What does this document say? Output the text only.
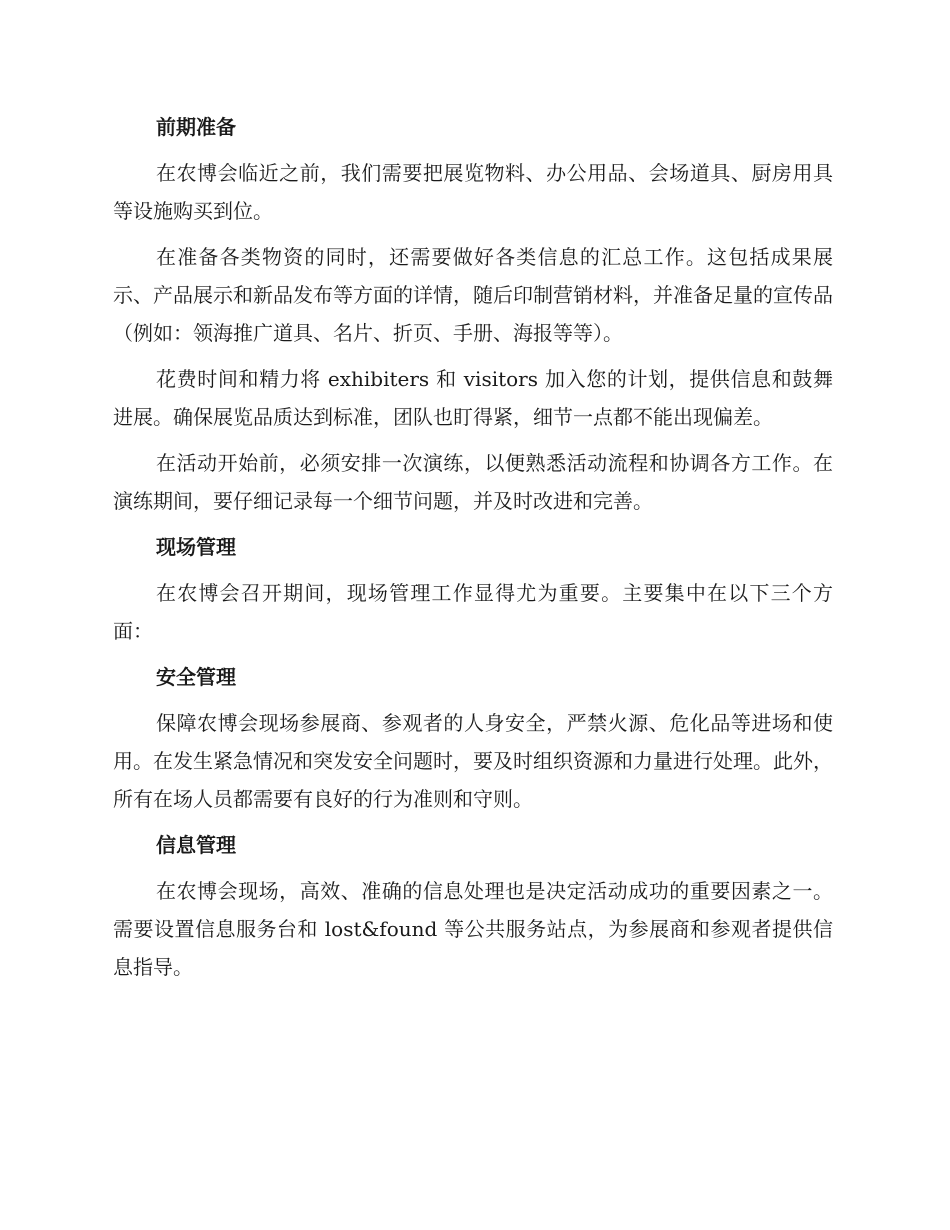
前期准备

在农博会临近之前，我们需要把展览物料、办公用品、会场道具、厨房用具等设施购买到位。

在准备各类物资的同时，还需要做好各类信息的汇总工作。这包括成果展示、产品展示和新品发布等方面的详情，随后印制营销材料，并准备足量的宣传品（例如：领海推广道具、名片、折页、手册、海报等等）。

花费时间和精力将 exhibiters 和 visitors 加入您的计划，提供信息和鼓舞进展。确保展览品质达到标准，团队也盯得紧，细节一点都不能出现偏差。

在活动开始前，必须安排一次演练，以便熟悉活动流程和协调各方工作。在演练期间，要仔细记录每一个细节问题，并及时改进和完善。

现场管理

在农博会召开期间，现场管理工作显得尤为重要。主要集中在以下三个方面：

安全管理

保障农博会现场参展商、参观者的人身安全，严禁火源、危化品等进场和使用。在发生紧急情况和突发安全问题时，要及时组织资源和力量进行处理。此外，所有在场人员都需要有良好的行为准则和守则。

信息管理

在农博会现场，高效、准确的信息处理也是决定活动成功的重要因素之一。需要设置信息服务台和 lost&found 等公共服务站点，为参展商和参观者提供信息指导。
